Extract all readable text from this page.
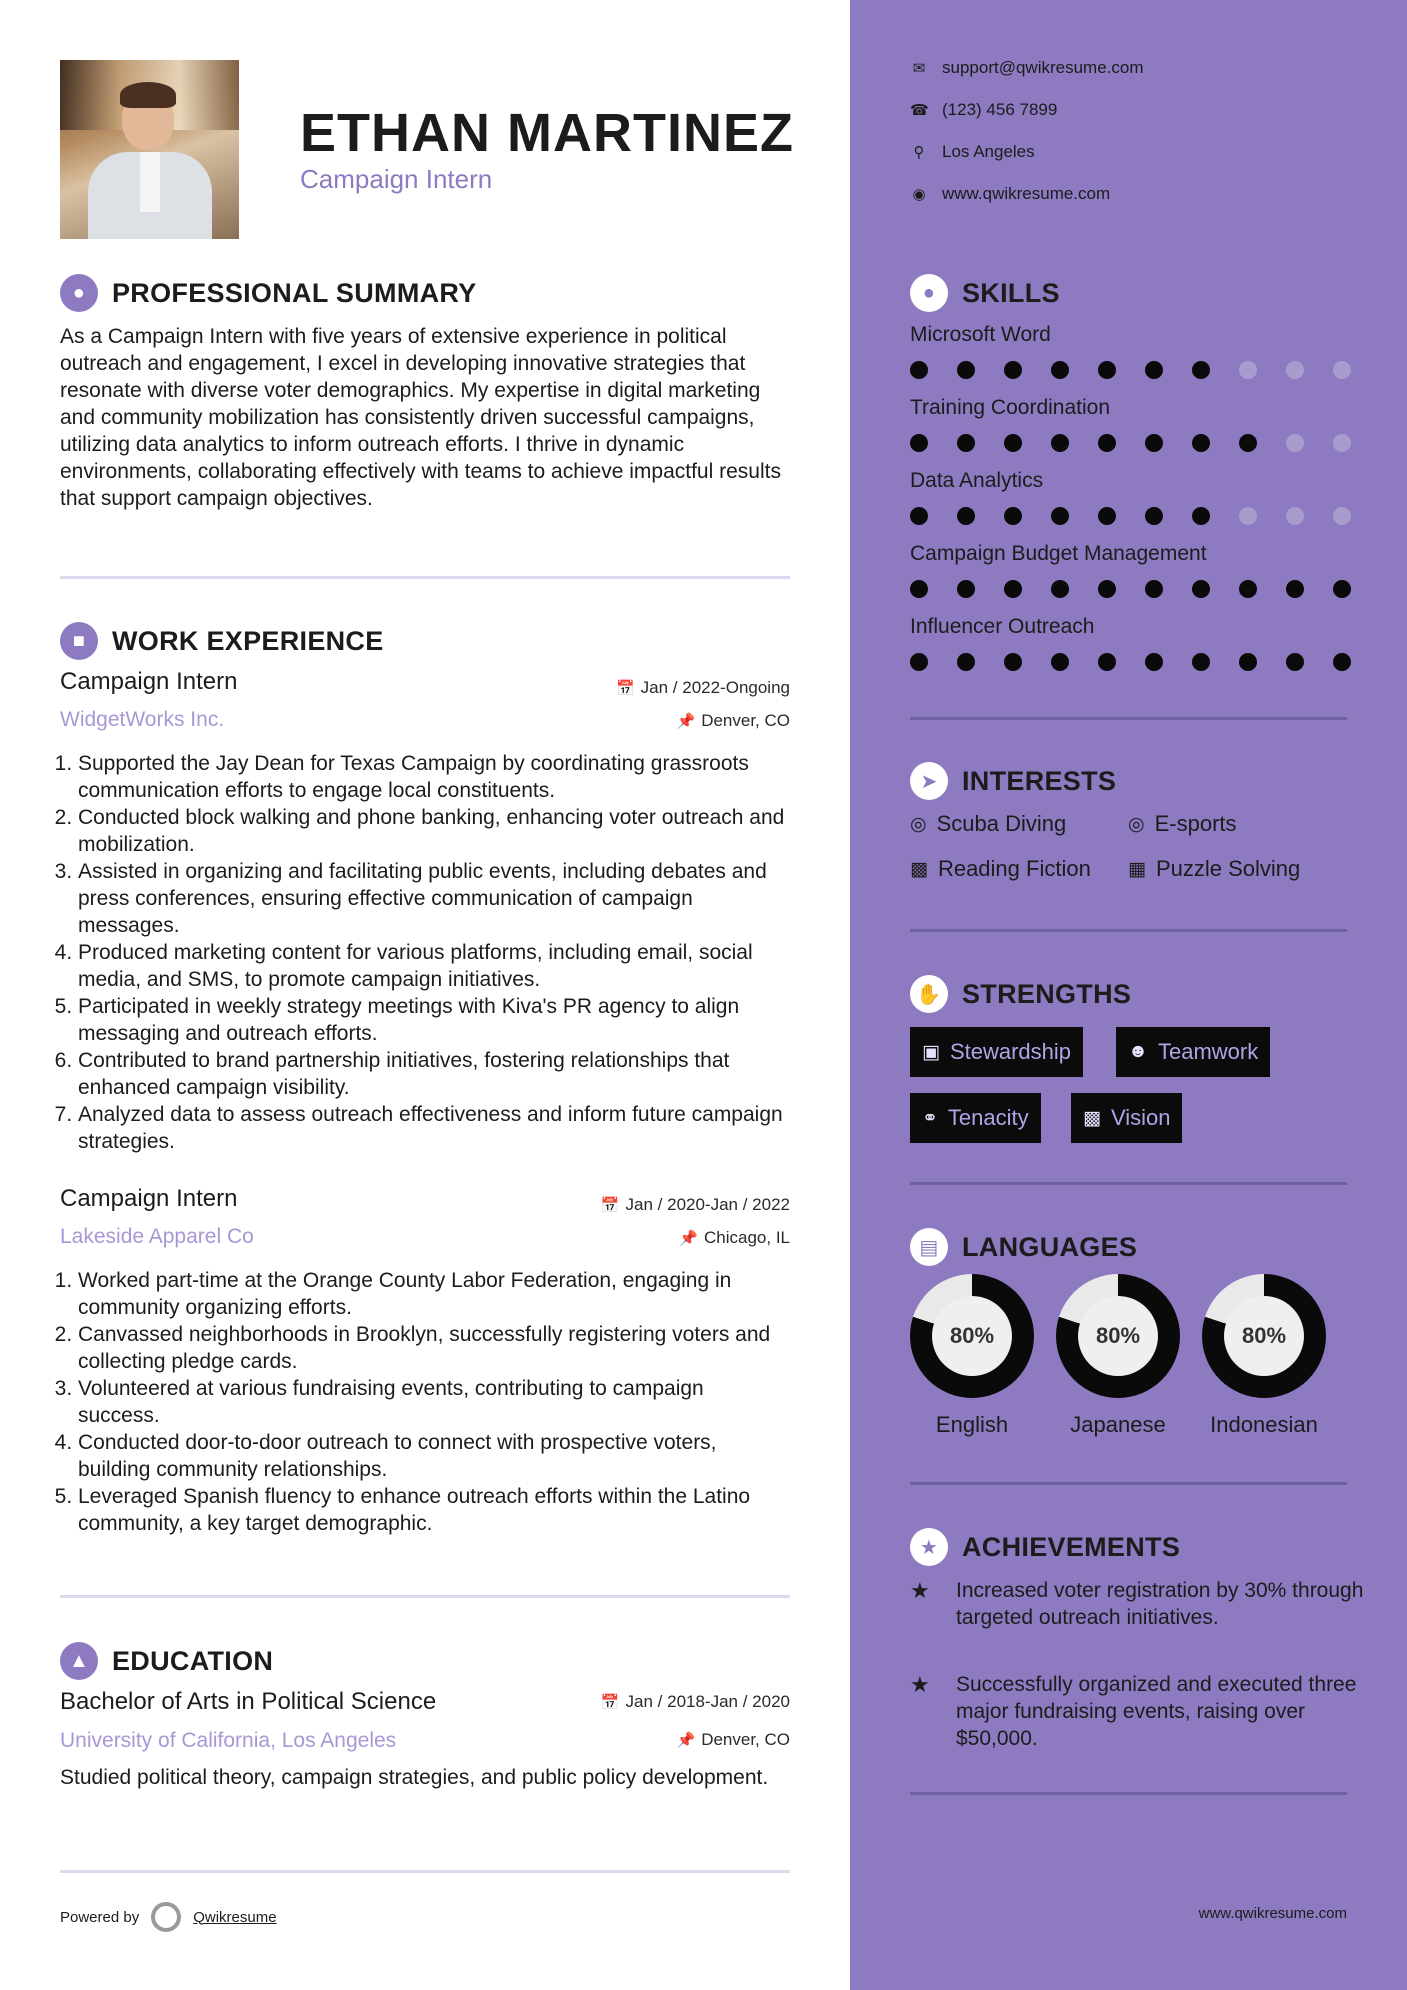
ETHAN MARTINEZ
Campaign Intern
● PROFESSIONAL SUMMARY
As a Campaign Intern with five years of extensive experience in political outreach and engagement, I excel in developing innovative strategies that resonate with diverse voter demographics. My expertise in digital marketing and community mobilization has consistently driven successful campaigns, utilizing data analytics to inform outreach efforts. I thrive in dynamic environments, collaborating effectively with teams to achieve impactful results that support campaign objectives.
■ WORK EXPERIENCE
Campaign Intern	📅 Jan / 2022-Ongoing
WidgetWorks Inc.	📌 Denver, CO
1. Supported the Jay Dean for Texas Campaign by coordinating grassroots communication efforts to engage local constituents.
2. Conducted block walking and phone banking, enhancing voter outreach and mobilization.
3. Assisted in organizing and facilitating public events, including debates and press conferences, ensuring effective communication of campaign messages.
4. Produced marketing content for various platforms, including email, social media, and SMS, to promote campaign initiatives.
5. Participated in weekly strategy meetings with Kiva's PR agency to align messaging and outreach efforts.
6. Contributed to brand partnership initiatives, fostering relationships that enhanced campaign visibility.
7. Analyzed data to assess outreach effectiveness and inform future campaign strategies.
Campaign Intern	📅 Jan / 2020-Jan / 2022
Lakeside Apparel Co	📌 Chicago, IL
1. Worked part-time at the Orange County Labor Federation, engaging in community organizing efforts.
2. Canvassed neighborhoods in Brooklyn, successfully registering voters and collecting pledge cards.
3. Volunteered at various fundraising events, contributing to campaign success.
4. Conducted door-to-door outreach to connect with prospective voters, building community relationships.
5. Leveraged Spanish fluency to enhance outreach efforts within the Latino community, a key target demographic.
▲ EDUCATION
Bachelor of Arts in Political Science	📅 Jan / 2018-Jan / 2020
University of California, Los Angeles	📌 Denver, CO
Studied political theory, campaign strategies, and public policy development.
Powered by	Qwikresume
✉ support@qwikresume.com
☎ (123) 456 7899
⚲ Los Angeles
◉ www.qwikresume.com
● SKILLS
Microsoft Word
Training Coordination
Data Analytics
Campaign Budget Management
Influencer Outreach
➤ INTERESTS
◎ Scuba Diving	◎ E-sports
▩ Reading Fiction ▦ Puzzle Solving
✋ STRENGTHS
▣ Stewardship	☻ Teamwork
⚭ Tenacity	▩ Vision
▤ LANGUAGES
80%
English
80%
Japanese
80%
Indonesian
★ ACHIEVEMENTS
★	Increased voter registration by 30% through targeted outreach initiatives.
★	Successfully organized and executed three major fundraising events, raising over $50,000.
www.qwikresume.com
